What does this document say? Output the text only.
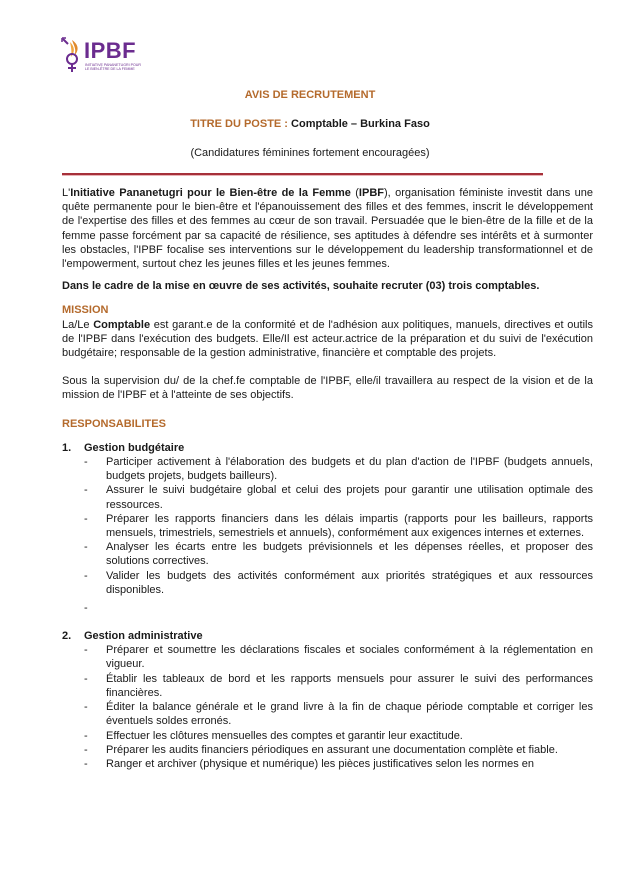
IPBF
INITIATIVE PANANETUGRI POUR LE BIEN-ÊTRE DE LA FEMME
AVIS DE RECRUTEMENT
TITRE DU POSTE : Comptable – Burkina Faso
(Candidatures féminines fortement encouragées)

L'Initiative Pananetugri pour le Bien-être de la Femme (IPBF), organisation féministe investit dans une quête permanente pour le bien-être et l'épanouissement des filles et des femmes, inscrit le développement de l'expertise des filles et des femmes au cœur de son travail. Persuadée que le bien-être de la fille et de la femme passe forcément par sa capacité de résilience, ses aptitudes à défendre ses intérêts et à surmonter les obstacles, l'IPBF focalise ses interventions sur le développement du leadership transformationnel et de l'empowerment, surtout chez les jeunes filles et les jeunes femmes.

Dans le cadre de la mise en œuvre de ses activités, souhaite recruter (03) trois comptables.

MISSION

La/Le Comptable est garant.e de la conformité et de l'adhésion aux politiques, manuels, directives et outils de l'IPBF dans l'exécution des budgets. Elle/Il est acteur.actrice de la préparation et du suivi de l'exécution budgétaire; responsable de la gestion administrative, financière et comptable des projets.

Sous la supervision du/ de la chef.fe comptable de l'IPBF, elle/il travaillera au respect de la vision et de la mission de l'IPBF et à l'atteinte de ses objectifs.

RESPONSABILITES
1. Gestion budgétaire
- Participer activement à l'élaboration des budgets et du plan d'action de l'IPBF (budgets annuels, budgets projets, budgets bailleurs).
- Assurer le suivi budgétaire global et celui des projets pour garantir une utilisation optimale des ressources.
- Préparer les rapports financiers dans les délais impartis (rapports pour les bailleurs, rapports mensuels, trimestriels, semestriels et annuels), conformément aux exigences internes et externes.
- Analyser les écarts entre les budgets prévisionnels et les dépenses réelles, et proposer des solutions correctives.
- Valider les budgets des activités conformément aux priorités stratégiques et aux ressources disponibles.
-
2. Gestion administrative
- Préparer et soumettre les déclarations fiscales et sociales conformément à la réglementation en vigueur.
- Établir les tableaux de bord et les rapports mensuels pour assurer le suivi des performances financières.
- Éditer la balance générale et le grand livre à la fin de chaque période comptable et corriger les éventuels soldes erronés.
- Effectuer les clôtures mensuelles des comptes et garantir leur exactitude.
- Préparer les audits financiers périodiques en assurant une documentation complète et fiable.
- Ranger et archiver (physique et numérique) les pièces justificatives selon les normes en
